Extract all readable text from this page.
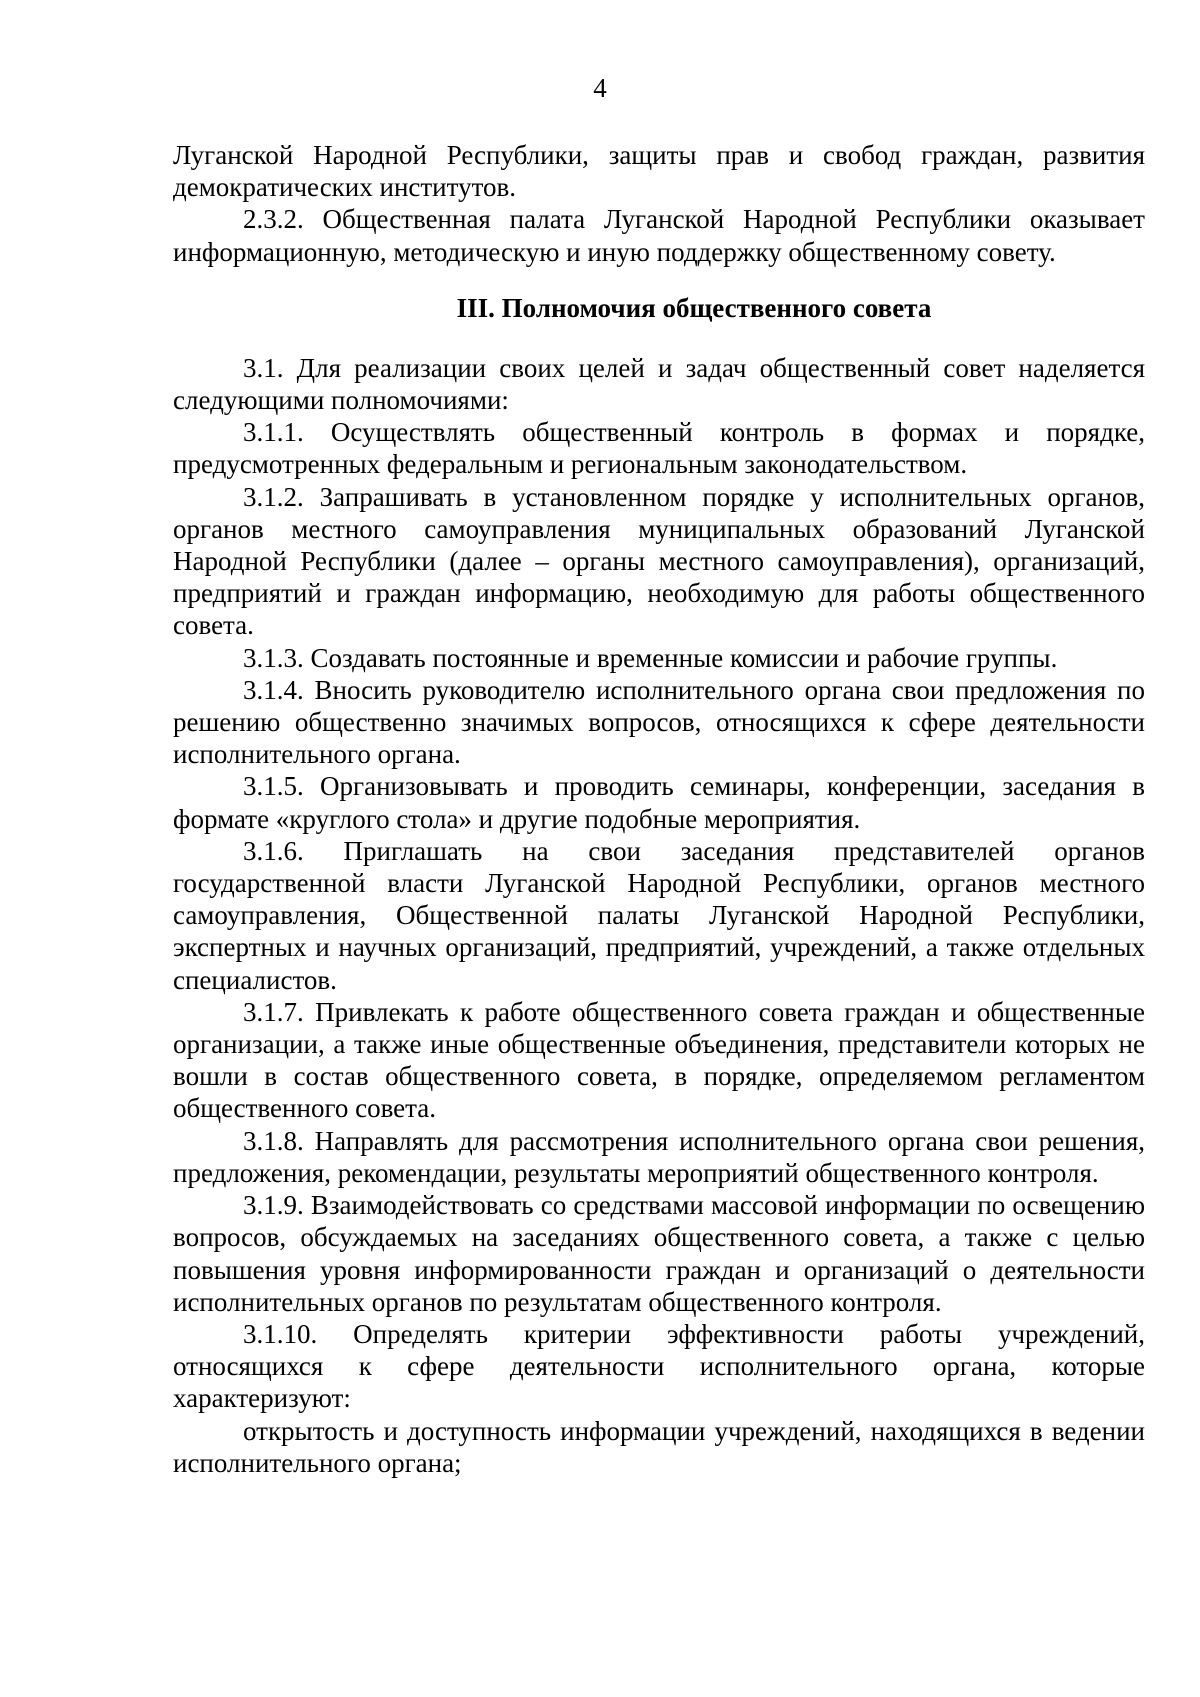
4

Луганской Народной Республики, защиты прав и свобод граждан, развития демократических институтов.

2.3.2. Общественная палата Луганской Народной Республики оказывает информационную, методическую и иную поддержку общественному совету.

III. Полномочия общественного совета

3.1. Для реализации своих целей и задач общественный совет наделяется следующими полномочиями:

3.1.1. Осуществлять общественный контроль в формах и порядке, предусмотренных федеральным и региональным законодательством.

3.1.2. Запрашивать в установленном порядке у исполнительных органов, органов местного самоуправления муниципальных образований Луганской Народной Республики (далее – органы местного самоуправления), организаций, предприятий и граждан информацию, необходимую для работы общественного совета.

3.1.3. Создавать постоянные и временные комиссии и рабочие группы.

3.1.4. Вносить руководителю исполнительного органа свои предложения по решению общественно значимых вопросов, относящихся к сфере деятельности исполнительного органа.

3.1.5. Организовывать и проводить семинары, конференции, заседания в формате «круглого стола» и другие подобные мероприятия.

3.1.6. Приглашать на свои заседания представителей органов государственной власти Луганской Народной Республики, органов местного самоуправления, Общественной палаты Луганской Народной Республики, экспертных и научных организаций, предприятий, учреждений, а также отдельных специалистов.

3.1.7. Привлекать к работе общественного совета граждан и общественные организации, а также иные общественные объединения, представители которых не вошли в состав общественного совета, в порядке, определяемом регламентом общественного совета.

3.1.8. Направлять для рассмотрения исполнительного органа свои решения, предложения, рекомендации, результаты мероприятий общественного контроля.

3.1.9. Взаимодействовать со средствами массовой информации по освещению вопросов, обсуждаемых на заседаниях общественного совета, а также с целью повышения уровня информированности граждан и организаций о деятельности исполнительных органов по результатам общественного контроля.

3.1.10. Определять критерии эффективности работы учреждений, относящихся к сфере деятельности исполнительного органа, которые характеризуют:

открытость и доступность информации учреждений, находящихся в ведении исполнительного органа;
